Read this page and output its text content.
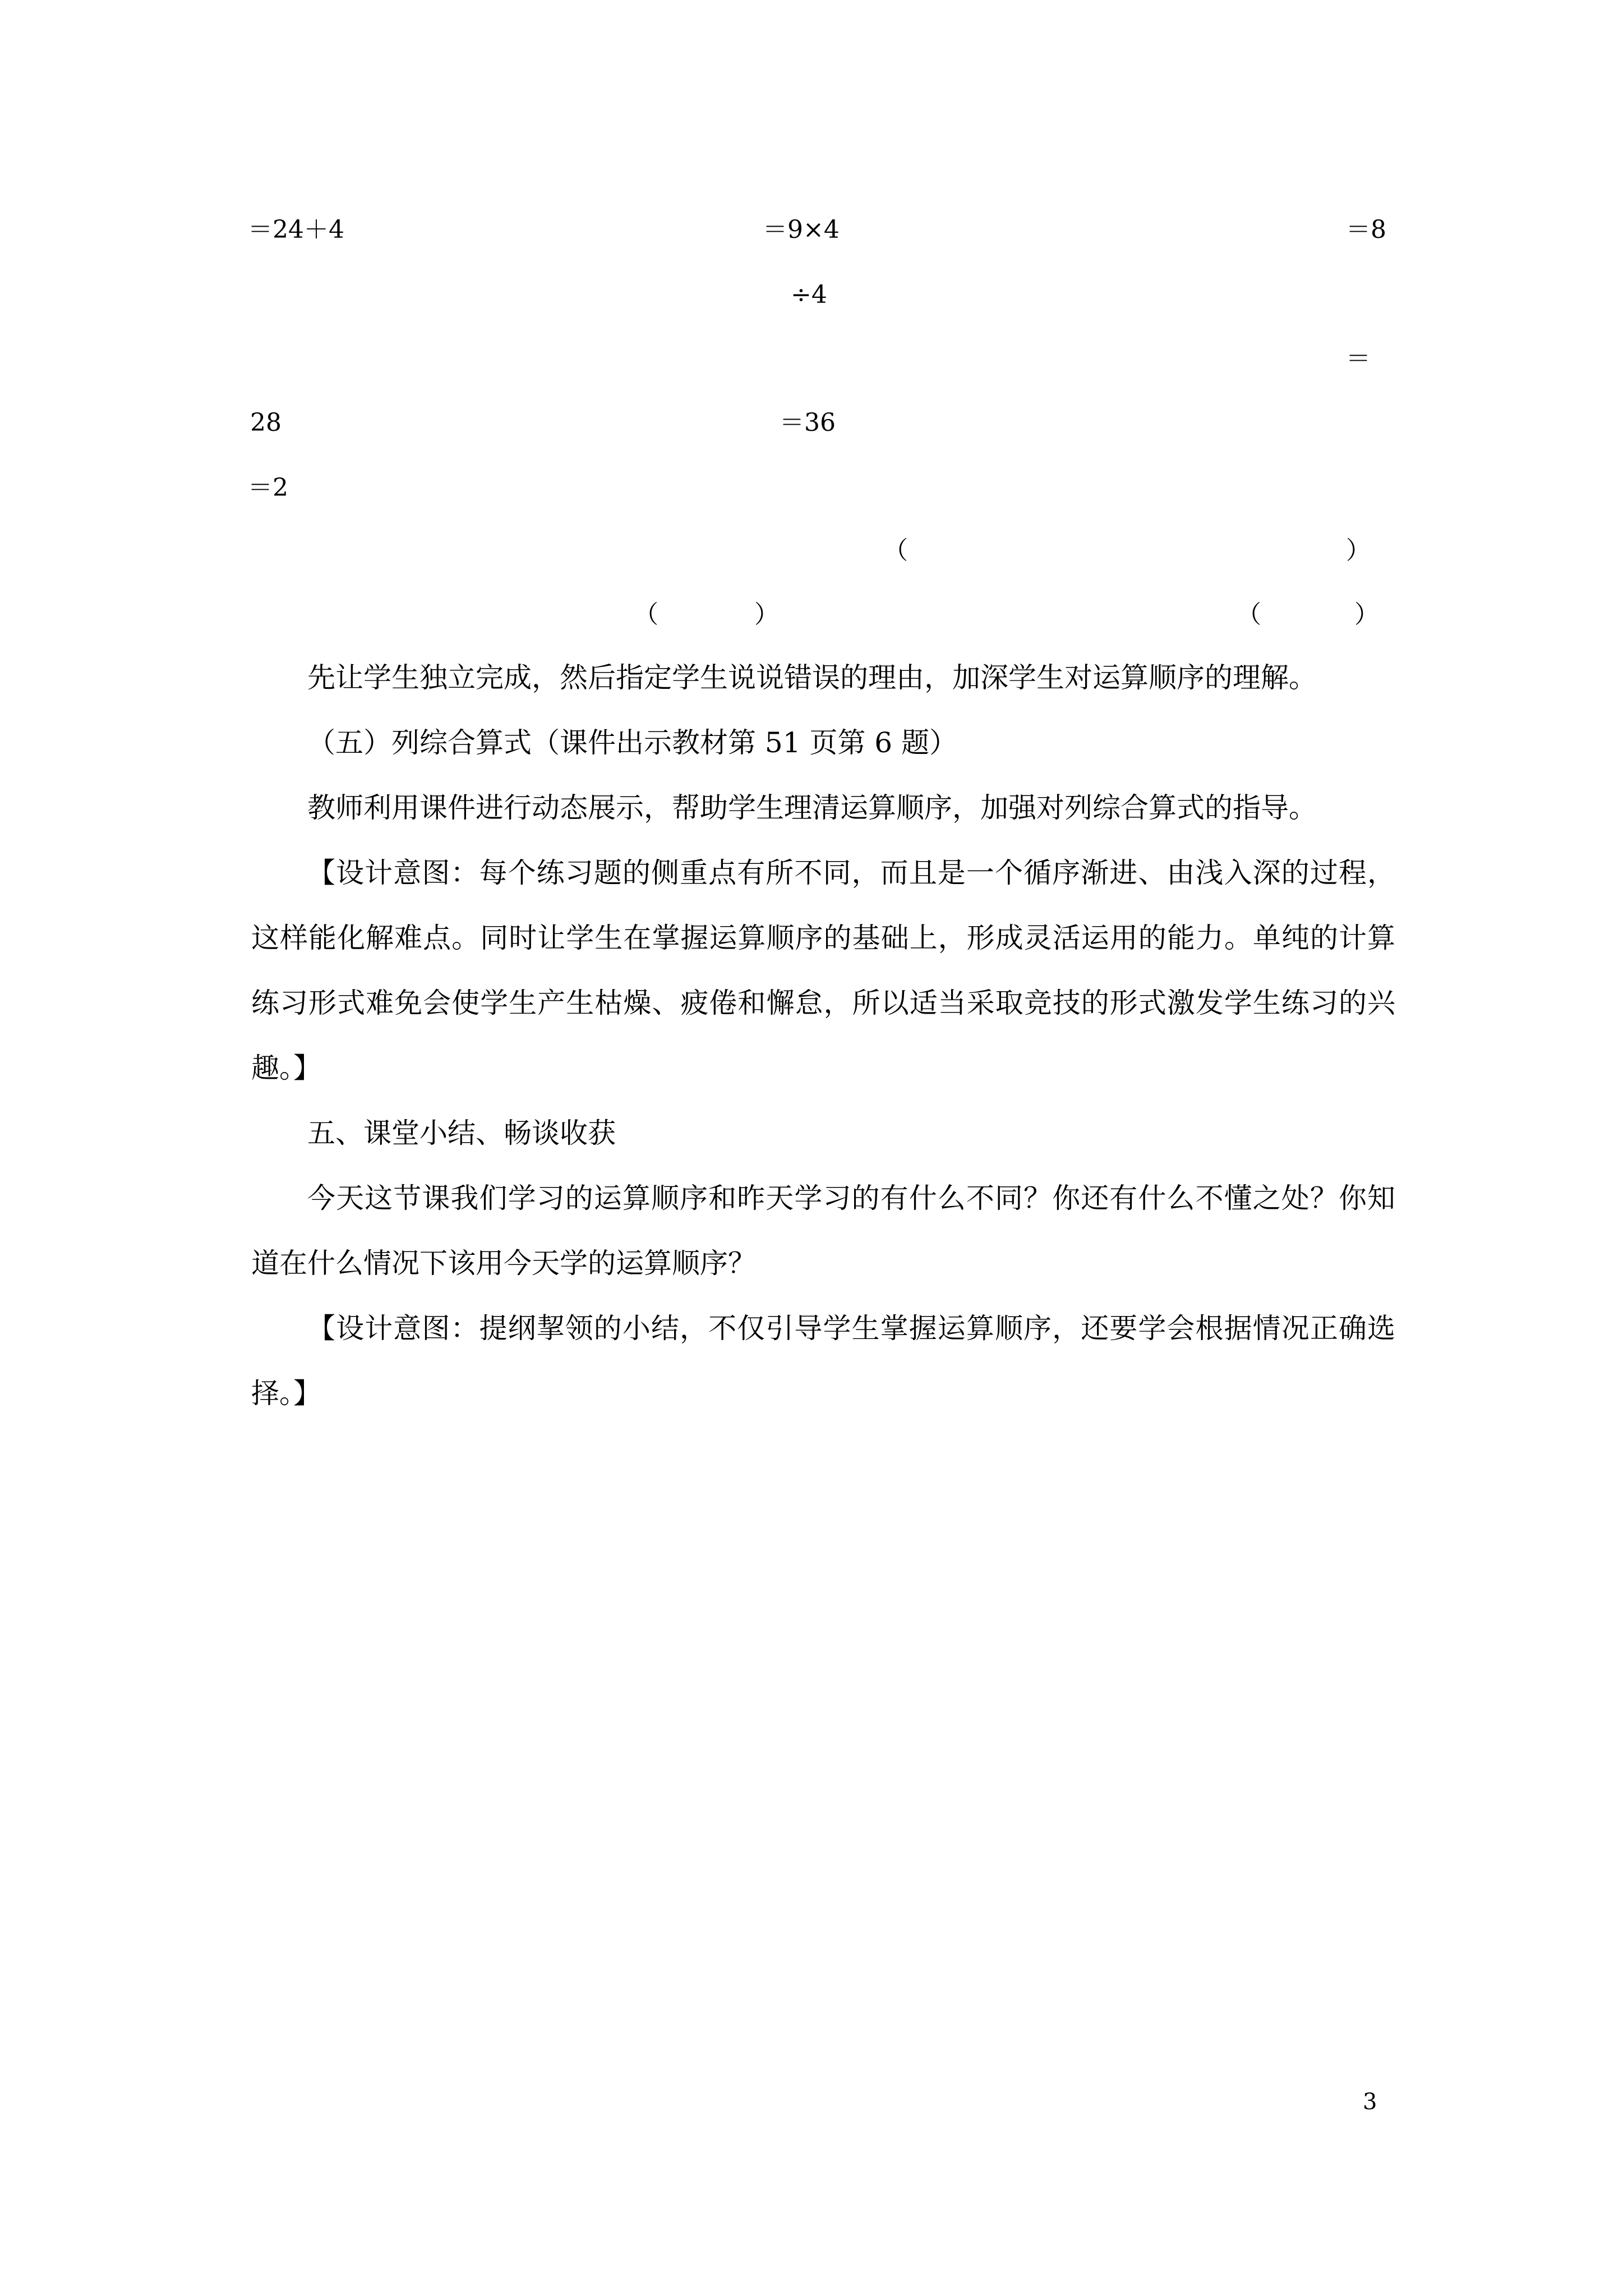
＝24＋4	＝9×4	＝8
÷4
＝
28	＝36
＝2
（	）
（	）	（	）

先让学生独立完成，然后指定学生说说错误的理由，加深学生对运算顺序的理解。

（五）列综合算式（课件出示教材第 51 页第 6 题）

教师利用课件进行动态展示，帮助学生理清运算顺序，加强对列综合算式的指导。

【设计意图：每个练习题的侧重点有所不同，而且是一个循序渐进、由浅入深的过程，这样能化解难点。同时让学生在掌握运算顺序的基础上，形成灵活运用的能力。单纯的计算练习形式难免会使学生产生枯燥、疲倦和懈怠，所以适当采取竞技的形式激发学生练习的兴趣。】

五、课堂小结、畅谈收获

今天这节课我们学习的运算顺序和昨天学习的有什么不同？你还有什么不懂之处？你知道在什么情况下该用今天学的运算顺序？

【设计意图：提纲挈领的小结，不仅引导学生掌握运算顺序，还要学会根据情况正确选择。】

3
